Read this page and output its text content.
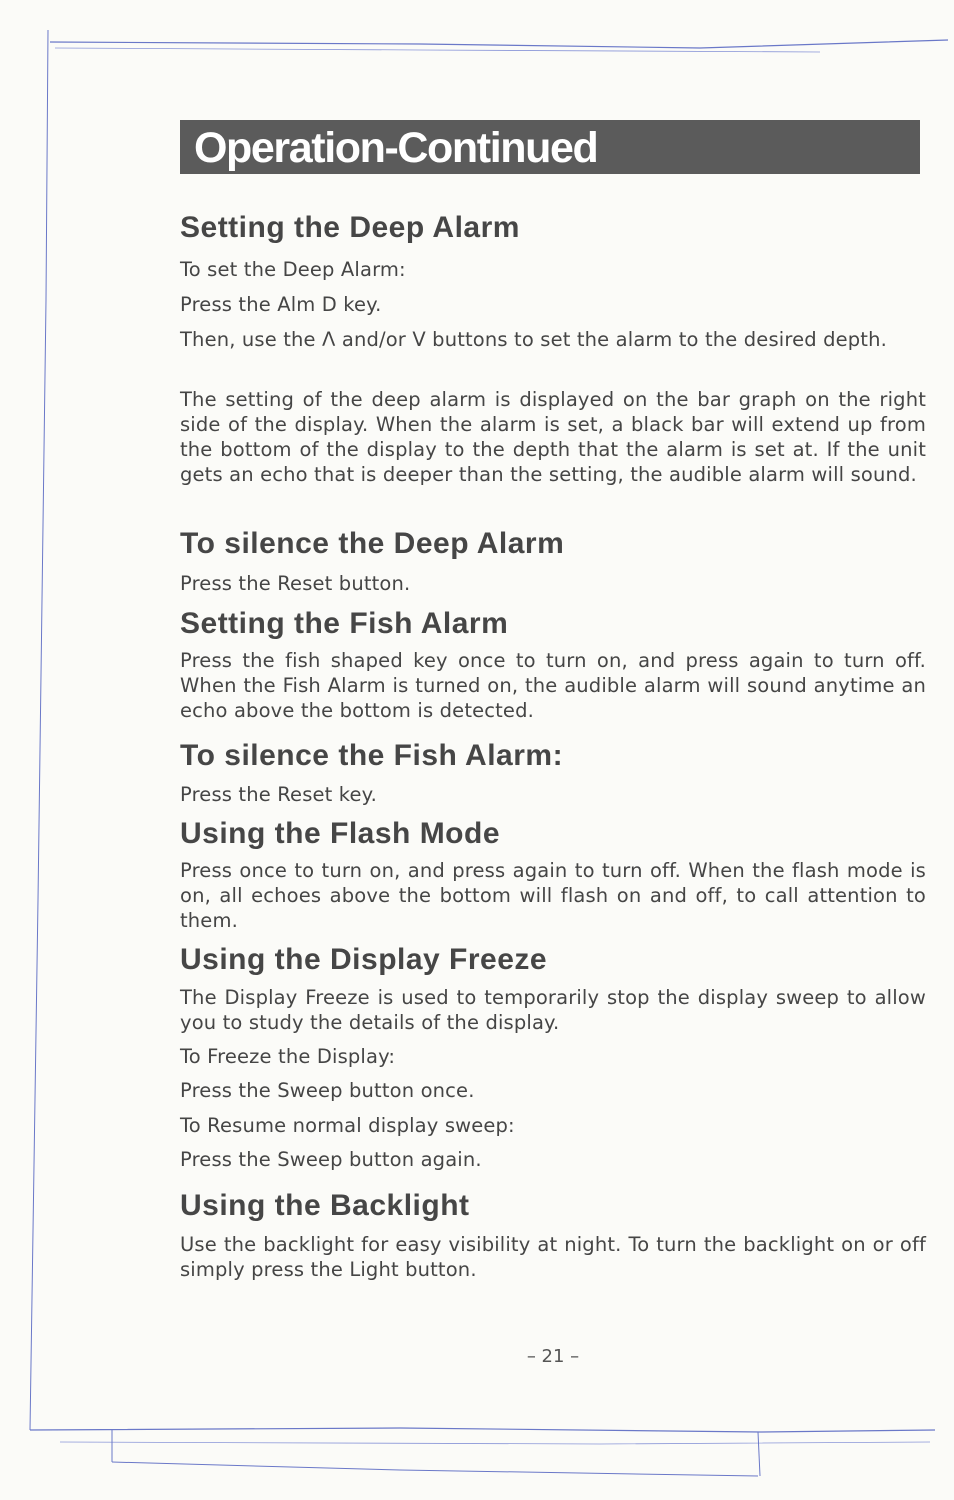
Operation-Continued
Setting the Deep Alarm

To set the Deep Alarm:

Press the Alm D key.

Then, use the Λ and/or V buttons to set the alarm to the desired depth.

The setting of the deep alarm is displayed on the bar graph on the right side of the display. When the alarm is set, a black bar will extend up from the bottom of the display to the depth that the alarm is set at. If the unit gets an echo that is deeper than the setting, the audible alarm will sound.

To silence the Deep Alarm

Press the Reset button.

Setting the Fish Alarm

Press the fish shaped key once to turn on, and press again to turn off. When the Fish Alarm is turned on, the audible alarm will sound anytime an echo above the bottom is detected.

To silence the Fish Alarm:

Press the Reset key.

Using the Flash Mode

Press once to turn on, and press again to turn off. When the flash mode is on, all echoes above the bottom will flash on and off, to call attention to them.

Using the Display Freeze

The Display Freeze is used to temporarily stop the display sweep to allow you to study the details of the display.

To Freeze the Display:

Press the Sweep button once.

To Resume normal display sweep:

Press the Sweep button again.

Using the Backlight

Use the backlight for easy visibility at night. To turn the backlight on or off simply press the Light button.

– 21 –
